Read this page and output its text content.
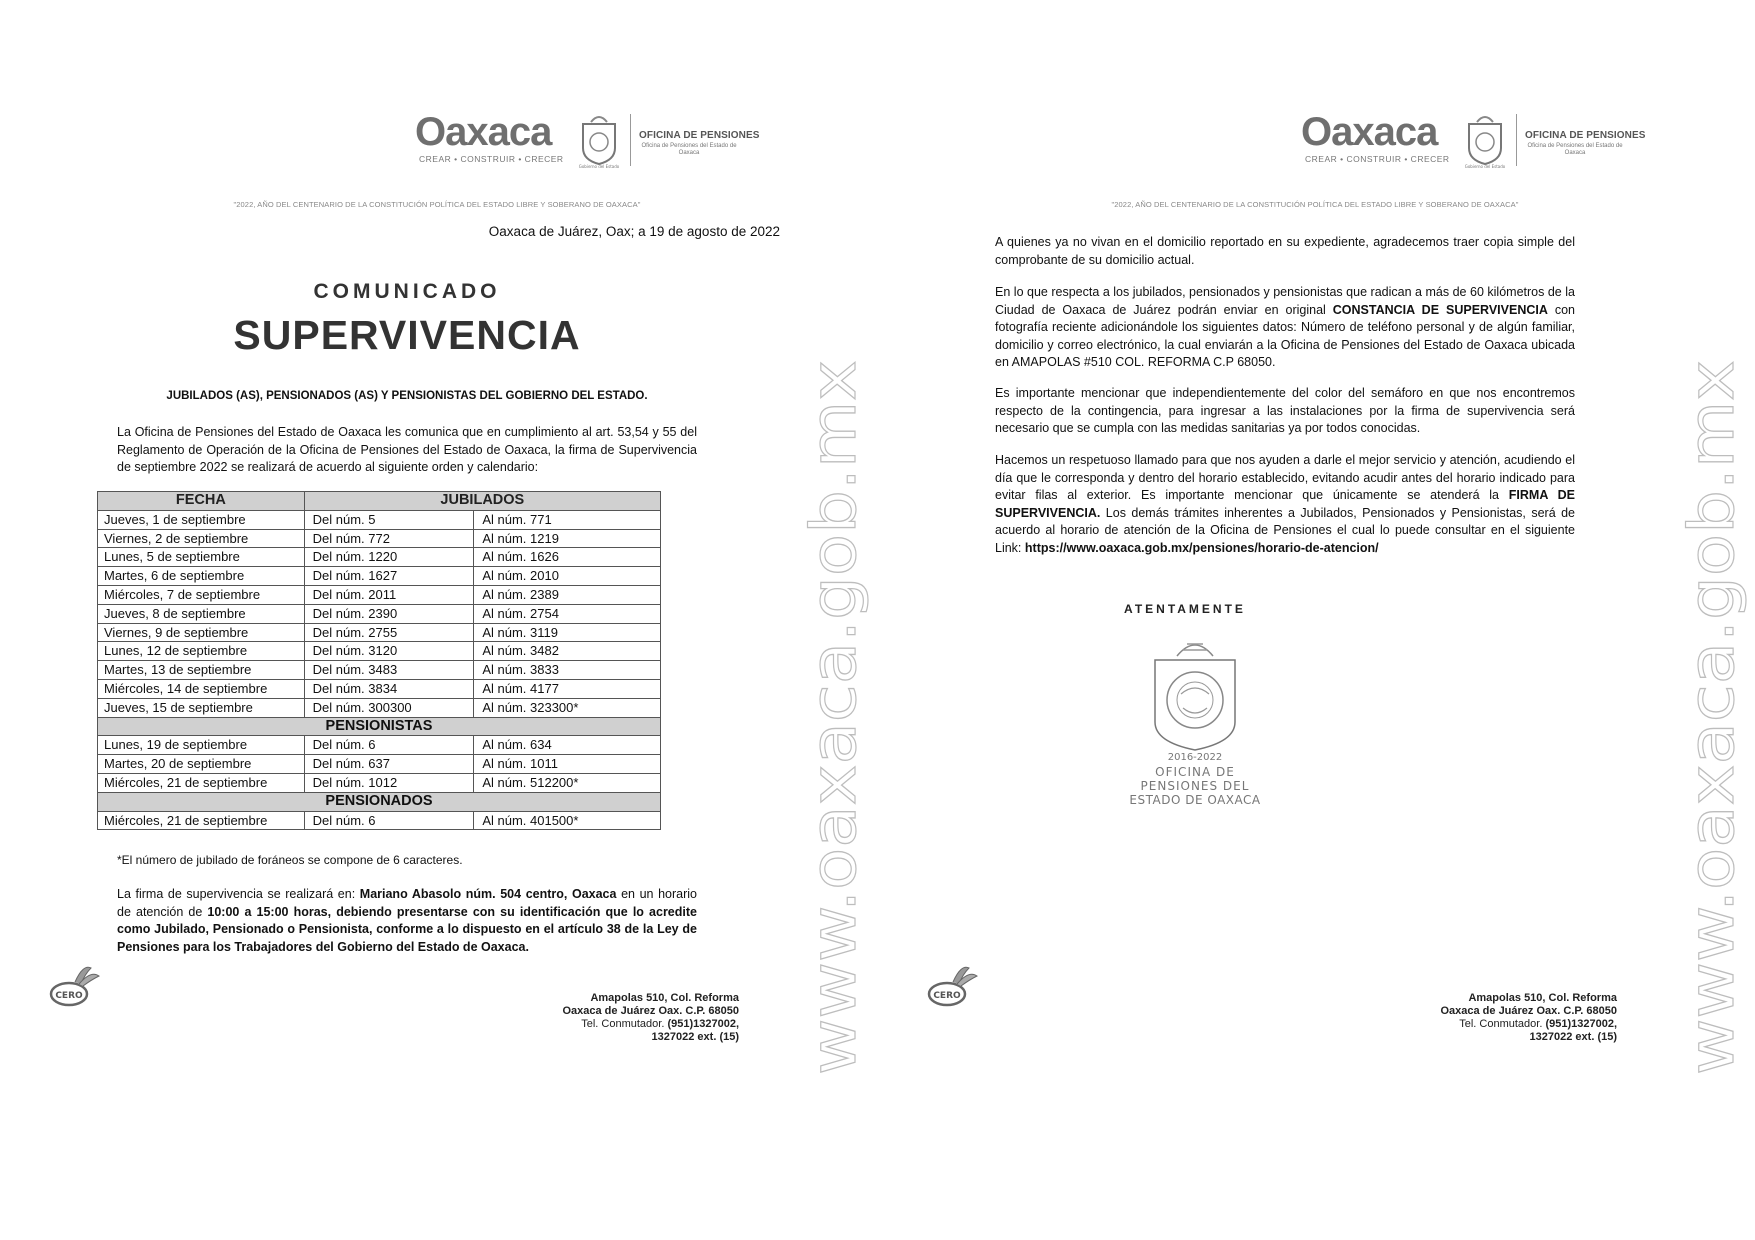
Oaxaca
CREAR • CONSTRUIR • CRECER
Gobierno del Estado
OFICINA DE PENSIONES
Oficina de Pensiones del Estado de Oaxaca
"2022, AÑO DEL CENTENARIO DE LA CONSTITUCIÓN POLÍTICA DEL ESTADO LIBRE Y SOBERANO DE OAXACA"
Oaxaca de Juárez, Oax; a 19 de agosto de 2022
COMUNICADO
SUPERVIVENCIA
JUBILADOS (AS), PENSIONADOS (AS) Y PENSIONISTAS DEL GOBIERNO DEL ESTADO.
La Oficina de Pensiones del Estado de Oaxaca les comunica que en cumplimiento al art. 53,54 y 55 del Reglamento de Operación de la Oficina de Pensiones del Estado de Oaxaca, la firma de Supervivencia de septiembre 2022 se realizará de acuerdo al siguiente orden y calendario:
FECHA	JUBILADOS	
Jueves, 1 de septiembre	Del núm. 5	Al núm. 771
Viernes, 2 de septiembre	Del núm. 772	Al núm. 1219
Lunes, 5 de septiembre	Del núm. 1220	Al núm. 1626
Martes, 6 de septiembre	Del núm. 1627	Al núm. 2010
Miércoles, 7 de septiembre	Del núm. 2011	Al núm. 2389
Jueves, 8 de septiembre	Del núm. 2390	Al núm. 2754
Viernes, 9 de septiembre	Del núm. 2755	Al núm. 3119
Lunes, 12 de septiembre	Del núm. 3120	Al núm. 3482
Martes, 13 de septiembre	Del núm. 3483	Al núm. 3833
Miércoles, 14 de septiembre	Del núm. 3834	Al núm. 4177
Jueves, 15 de septiembre	Del núm. 300300	Al núm. 323300*
PENSIONISTAS		
Lunes, 19 de septiembre	Del núm. 6	Al núm. 634
Martes, 20 de septiembre	Del núm. 637	Al núm. 1011
Miércoles, 21 de septiembre	Del núm. 1012	Al núm. 512200*
PENSIONADOS		
Miércoles, 21 de septiembre	Del núm. 6	Al núm. 401500*
*El número de jubilado de foráneos se compone de 6 caracteres.
La firma de supervivencia se realizará en: Mariano Abasolo núm. 504 centro, Oaxaca en un horario de atención de 10:00 a 15:00 horas, debiendo presentarse con su identificación que lo acredite como Jubilado, Pensionado o Pensionista, conforme a lo dispuesto en el artículo 38 de la Ley de Pensiones para los Trabajadores del Gobierno del Estado de Oaxaca.	www.oaxaca.gob.mx
CERO	Amapolas 510, Col. Reforma
Oaxaca de Juárez Oax. C.P. 68050
Tel. Conmutador. (951)1327002,
1327022 ext. (15)
Oaxaca
CREAR • CONSTRUIR • CRECER
Gobierno del Estado
OFICINA DE PENSIONES
Oficina de Pensiones del Estado de Oaxaca
"2022, AÑO DEL CENTENARIO DE LA CONSTITUCIÓN POLÍTICA DEL ESTADO LIBRE Y SOBERANO DE OAXACA"
A quienes ya no vivan en el domicilio reportado en su expediente, agradecemos traer copia simple del comprobante de su domicilio actual.
En lo que respecta a los jubilados, pensionados y pensionistas que radican a más de 60 kilómetros de la Ciudad de Oaxaca de Juárez podrán enviar en original CONSTANCIA DE SUPERVIVENCIA con fotografía reciente adicionándole los siguientes datos: Número de teléfono personal y de algún familiar, domicilio y correo electrónico, la cual enviarán a la Oficina de Pensiones del Estado de Oaxaca ubicada en AMAPOLAS #510 COL. REFORMA C.P 68050.
Es importante mencionar que independientemente del color del semáforo en que nos encontremos respecto de la contingencia, para ingresar a las instalaciones por la firma de supervivencia será necesario que se cumpla con las medidas sanitarias ya por todos conocidas.
Hacemos un respetuoso llamado para que nos ayuden a darle el mejor servicio y atención, acudiendo el día que le corresponda y dentro del horario establecido, evitando acudir antes del horario indicado para evitar filas al exterior. Es importante mencionar que únicamente se atenderá la FIRMA DE SUPERVIVENCIA. Los demás trámites inherentes a Jubilados, Pensionados y Pensionistas, será de acuerdo al horario de atención de la Oficina de Pensiones el cual lo puede consultar en el siguiente Link: https://www.oaxaca.gob.mx/pensiones/horario-de-atencion/
ATENTAMENTE
2016-2022
OFICINA DE
PENSIONES DEL
ESTADO DE OAXACA	www.oaxaca.gob.mx
CERO	Amapolas 510, Col. Reforma
Oaxaca de Juárez Oax. C.P. 68050
Tel. Conmutador. (951)1327002,
1327022 ext. (15)
